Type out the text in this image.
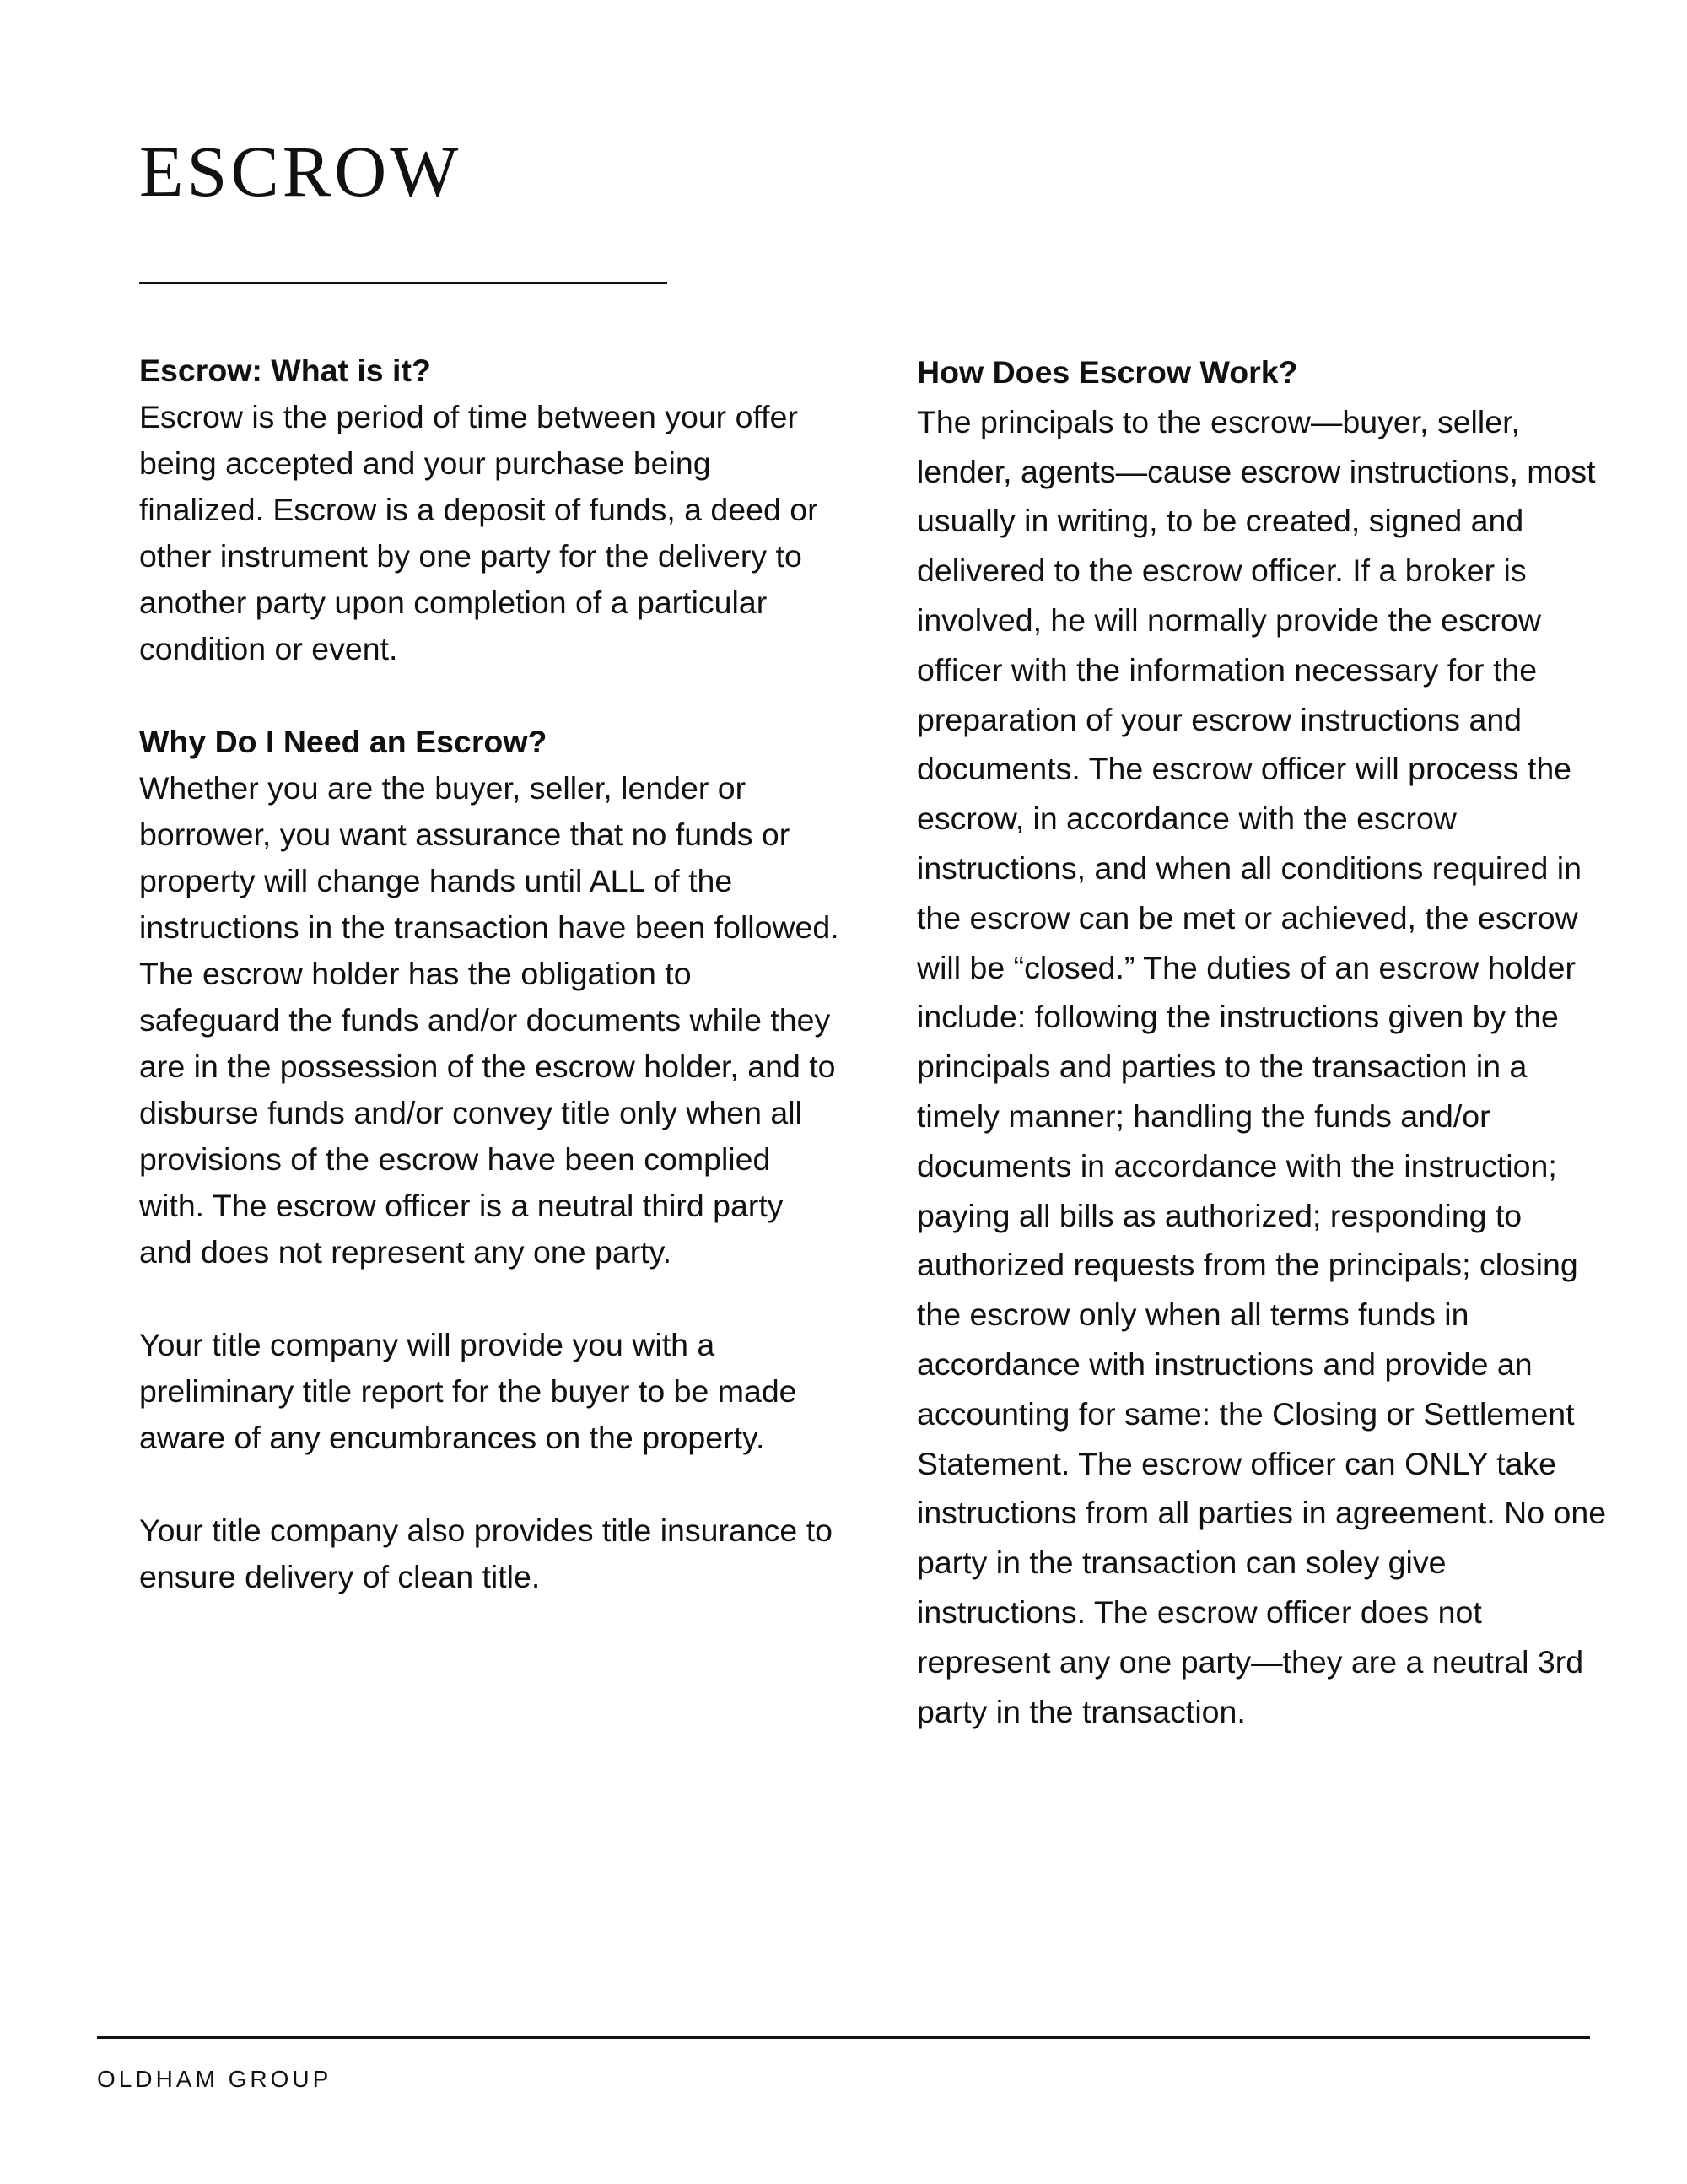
ESCROW
Escrow: What is it?

Escrow is the period of time between your offer being accepted and your purchase being finalized. Escrow is a deposit of funds, a deed or other instrument by one party for the delivery to another party upon completion of a particular condition or event.

Why Do I Need an Escrow?

Whether you are the buyer, seller, lender or borrower, you want assurance that no funds or property will change hands until ALL of the instructions in the transaction have been followed. The escrow holder has the obligation to safeguard the funds and/or documents while they are in the possession of the escrow holder, and to disburse funds and/or convey title only when all provisions of the escrow have been complied with. The escrow officer is a neutral third party and does not represent any one party.

Your title company will provide you with a preliminary title report for the buyer to be made aware of any encumbrances on the property.

Your title company also provides title insurance to ensure delivery of clean title.

How Does Escrow Work?

The principals to the escrow—buyer, seller, lender, agents—cause escrow instructions, most usually in writing, to be created, signed and delivered to the escrow officer. If a broker is involved, he will normally provide the escrow officer with the information necessary for the preparation of your escrow instructions and documents. The escrow officer will process the escrow, in accordance with the escrow instructions, and when all conditions required in the escrow can be met or achieved, the escrow will be “closed.” The duties of an escrow holder include: following the instructions given by the principals and parties to the transaction in a timely manner; handling the funds and/or documents in accordance with the instruction; paying all bills as authorized; responding to authorized requests from the principals; closing the escrow only when all terms funds in accordance with instructions and provide an accounting for same: the Closing or Settlement Statement. The escrow officer can ONLY take instructions from all parties in agreement. No one party in the transaction can soley give instructions. The escrow officer does not represent any one party—they are a neutral 3rd party in the transaction.

OLDHAM GROUP
